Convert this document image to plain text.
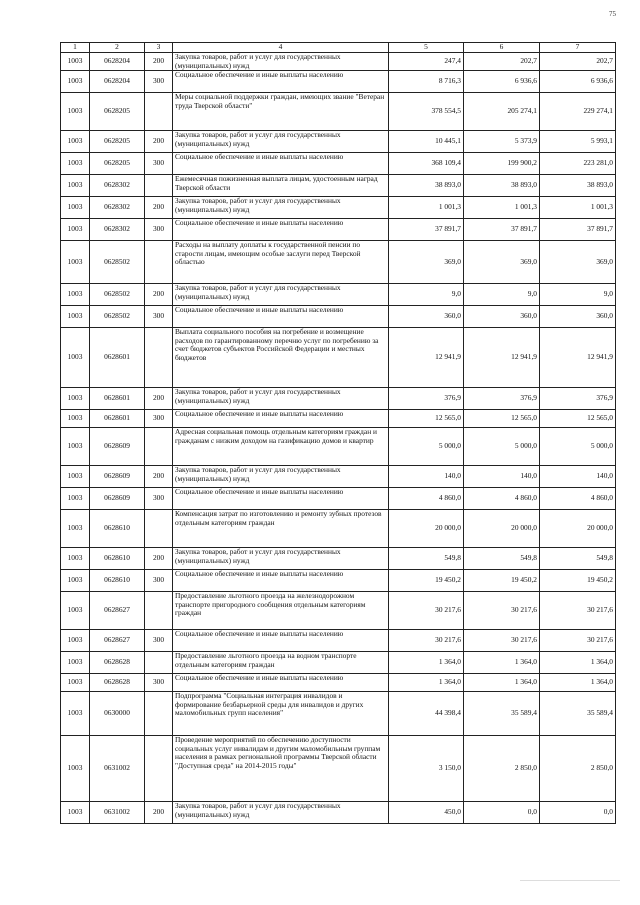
75
1	2	3	4	5	6	7
1003	0628204	200	Закупка товаров, работ и услуг для государственных (муниципальных) нужд	247,4	202,7	202,7
1003	0628204	300	Социальное обеспечение и иные выплаты населению	8 716,3	6 936,6	6 936,6
1003	0628205		Меры социальной поддержки граждан, имеющих звание "Ветеран труда Тверской области"	378 554,5	205 274,1	229 274,1
1003	0628205	200	Закупка товаров, работ и услуг для государственных (муниципальных) нужд	10 445,1	5 373,9	5 993,1
1003	0628205	300	Социальное обеспечение и иные выплаты населению	368 109,4	199 900,2	223 281,0
1003	0628302		Ежемесячная пожизненная выплата лицам, удостоенным наград Тверской области	38 893,0	38 893,0	38 893,0
1003	0628302	200	Закупка товаров, работ и услуг для государственных (муниципальных) нужд	1 001,3	1 001,3	1 001,3
1003	0628302	300	Социальное обеспечение и иные выплаты населению	37 891,7	37 891,7	37 891,7
1003	0628502		Расходы на выплату доплаты к государственной пенсии по старости лицам, имеющим особые заслуги перед Тверской областью	369,0	369,0	369,0
1003	0628502	200	Закупка товаров, работ и услуг для государственных (муниципальных) нужд	9,0	9,0	9,0
1003	0628502	300	Социальное обеспечение и иные выплаты населению	360,0	360,0	360,0
1003	0628601		Выплата социального пособия на погребение и возмещение расходов по гарантированному перечню услуг по погребению за счет бюджетов субъектов Российской Федерации и местных бюджетов	12 941,9	12 941,9	12 941,9
1003	0628601	200	Закупка товаров, работ и услуг для государственных (муниципальных) нужд	376,9	376,9	376,9
1003	0628601	300	Социальное обеспечение и иные выплаты населению	12 565,0	12 565,0	12 565,0
1003	0628609		Адресная социальная помощь отдельным категориям граждан и гражданам с низким доходом на газификацию домов и квартир	5 000,0	5 000,0	5 000,0
1003	0628609	200	Закупка товаров, работ и услуг для государственных (муниципальных) нужд	140,0	140,0	140,0
1003	0628609	300	Социальное обеспечение и иные выплаты населению	4 860,0	4 860,0	4 860,0
1003	0628610		Компенсация затрат по изготовлению и ремонту зубных протезов отдельным категориям граждан	20 000,0	20 000,0	20 000,0
1003	0628610	200	Закупка товаров, работ и услуг для государственных (муниципальных) нужд	549,8	549,8	549,8
1003	0628610	300	Социальное обеспечение и иные выплаты населению	19 450,2	19 450,2	19 450,2
1003	0628627		Предоставление льготного проезда на железнодорожном транспорте пригородного сообщения отдельным категориям граждан	30 217,6	30 217,6	30 217,6
1003	0628627	300	Социальное обеспечение и иные выплаты населению	30 217,6	30 217,6	30 217,6
1003	0628628		Предоставление льготного проезда на водном транспорте отдельным категориям граждан	1 364,0	1 364,0	1 364,0
1003	0628628	300	Социальное обеспечение и иные выплаты населению	1 364,0	1 364,0	1 364,0
1003	0630000		Подпрограмма "Социальная интеграция инвалидов и формирование безбарьерной среды для инвалидов и других маломобильных групп населения"	44 398,4	35 589,4	35 589,4
1003	0631002		Проведение мероприятий по обеспечению доступности социальных услуг инвалидам и другим маломобильным группам населения в рамках региональной программы Тверской области "Доступная среда" на 2014-2015 годы"	3 150,0	2 850,0	2 850,0
1003	0631002	200	Закупка товаров, работ и услуг для государственных (муниципальных) нужд	450,0	0,0	0,0
